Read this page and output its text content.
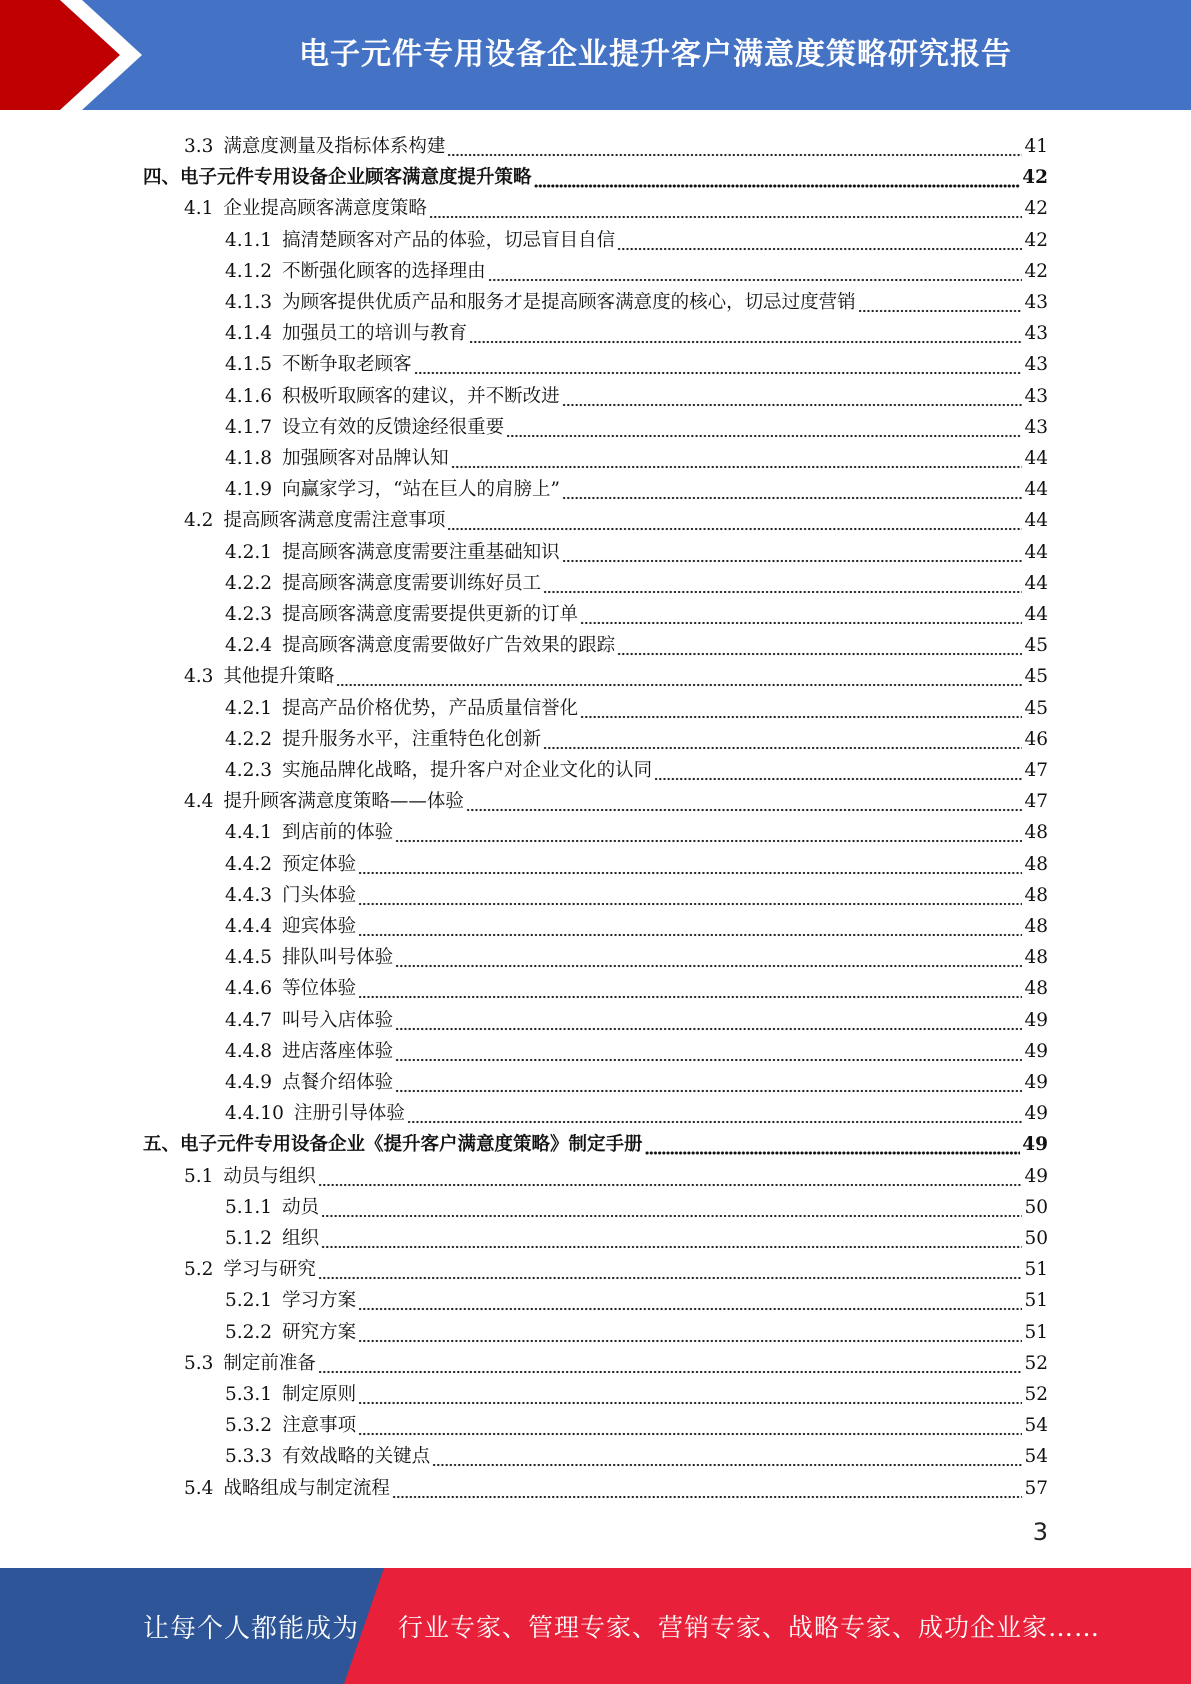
电子元件专用设备企业提升客户满意度策略研究报告
3.3 满意度测量及指标体系构建	41
四、电子元件专用设备企业顾客满意度提升策略	42
4.1 企业提高顾客满意度策略	42
4.1.1 搞清楚顾客对产品的体验，切忌盲目自信	42
4.1.2 不断强化顾客的选择理由	42
4.1.3 为顾客提供优质产品和服务才是提高顾客满意度的核心，切忌过度营销	43
4.1.4 加强员工的培训与教育	43
4.1.5 不断争取老顾客	43
4.1.6 积极听取顾客的建议，并不断改进	43
4.1.7 设立有效的反馈途经很重要	43
4.1.8 加强顾客对品牌认知	44
4.1.9 向赢家学习，“站在巨人的肩膀上”	44
4.2 提高顾客满意度需注意事项	44
4.2.1 提高顾客满意度需要注重基础知识	44
4.2.2 提高顾客满意度需要训练好员工	44
4.2.3 提高顾客满意度需要提供更新的订单	44
4.2.4 提高顾客满意度需要做好广告效果的跟踪	45
4.3 其他提升策略	45
4.2.1 提高产品价格优势，产品质量信誉化	45
4.2.2 提升服务水平，注重特色化创新	46
4.2.3 实施品牌化战略，提升客户对企业文化的认同	47
4.4 提升顾客满意度策略——体验	47
4.4.1 到店前的体验	48
4.4.2 预定体验	48
4.4.3 门头体验	48
4.4.4 迎宾体验	48
4.4.5 排队叫号体验	48
4.4.6 等位体验	48
4.4.7 叫号入店体验	49
4.4.8 进店落座体验	49
4.4.9 点餐介绍体验	49
4.4.10 注册引导体验	49
五、电子元件专用设备企业《提升客户满意度策略》制定手册	49
5.1 动员与组织	49
5.1.1 动员	50
5.1.2 组织	50
5.2 学习与研究	51
5.2.1 学习方案	51
5.2.2 研究方案	51
5.3 制定前准备	52
5.3.1 制定原则	52
5.3.2 注意事项	54
5.3.3 有效战略的关键点	54
5.4 战略组成与制定流程	57
3
让每个人都能成为 行业专家、管理专家、营销专家、战略专家、成功企业家……
